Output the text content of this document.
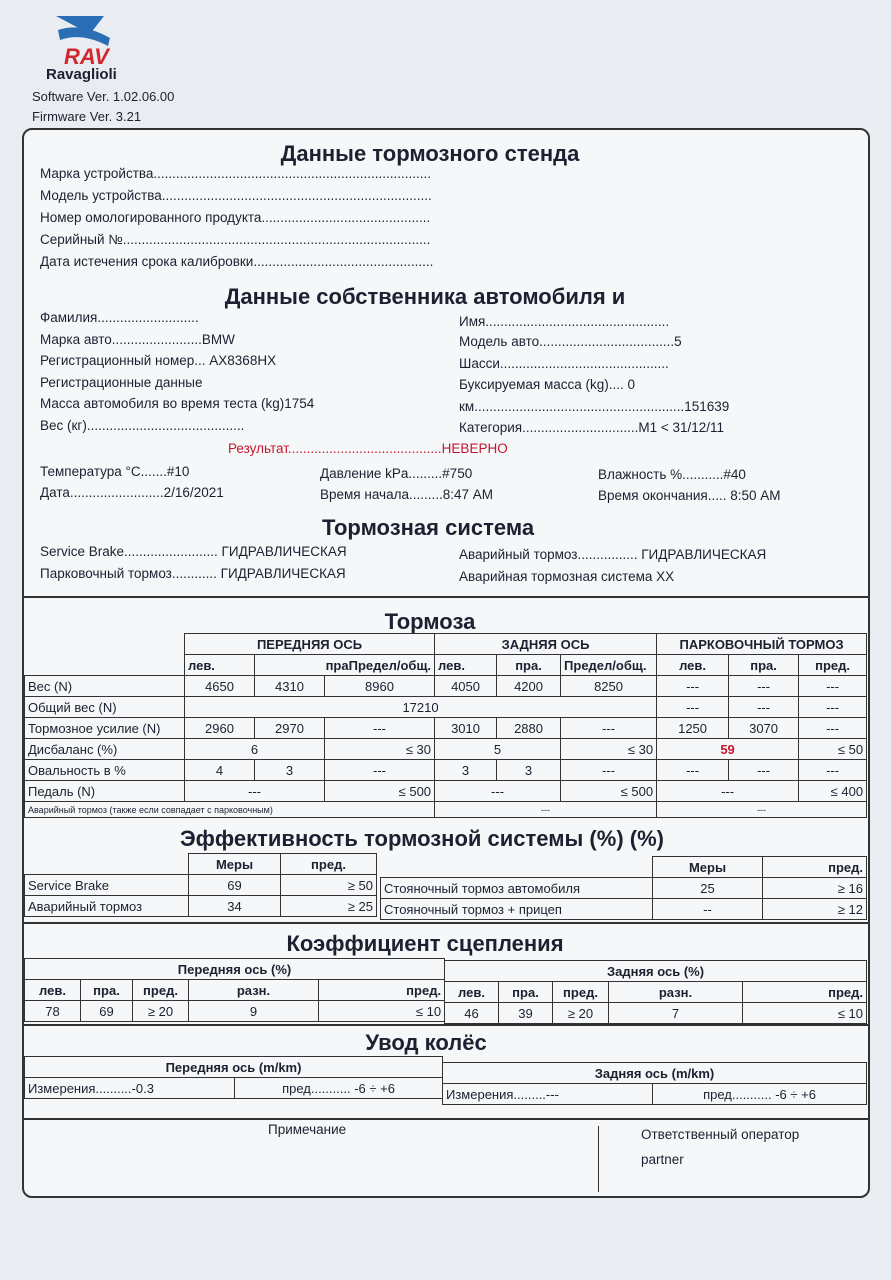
RAV
Ravaglioli
Software Ver. 1.02.06.00
Firmware Ver. 3.21
Данные тормозного стенда
Марка устройства..........................................................................
Модель устройства........................................................................
Номер омологированного продукта.............................................
Серийный №..................................................................................
Дата истечения срока калибровки................................................
Данные собственника автомобиля и
Фамилия...........................
Марка авто........................BMW
Регистрационный номер... AX8368HX
Регистрационные данные
Масса автомобиля во время теста (kg)1754
Вес (кг)..........................................
Имя.................................................
Модель авто....................................5
Шасси.............................................
Буксируемая масса (kg).... 0
км........................................................151639
Категория...............................M1 < 31/12/11
Результат.........................................НЕВЕРНО
Температура °С.......#10	Давление kPa.........#750	Влажность %...........#40
Дата.........................2/16/2021	Время начала.........8:47 AM	Время окончания..... 8:50 AM
Тормозная система
Service Brake......................... ГИДРАВЛИЧЕСКАЯ
Парковочный тормоз............ ГИДРАВЛИЧЕСКАЯ
Аварийный тормоз................ ГИДРАВЛИЧЕСКАЯ
Аварийная тормозная система XX
Тормоза
	ПЕРЕДНЯЯ ОСЬ			ЗАДНЯЯ ОСЬ			ПАРКОВОЧНЫЙ ТОРМОЗ		
	лев.	праПредел/общ.		лев.	пра.	Предел/общ.	лев.	пра.	пред.
Вес (N)	4650	4310	8960	4050	4200	8250	---	---	---
Общий вес (N)	17210						---	---	---
Тормозное усилие (N)	2960	2970	---	3010	2880	---	1250	3070	---
Дисбаланс (%)	6		≤ 30	5		≤ 30	59		≤ 50
Овальность в %	4	3	---	3	3	---	---	---	---
Педаль (N)	---		≤ 500	---		≤ 500	---		≤ 400
Аварийный тормоз (также если совпадает с парковочным)				---			---		
Эффективность тормозной системы (%) (%)
	Меры	пред.
Service Brake	69	≥ 50
Аварийный тормоз	34	≥ 25
	Меры	пред.
Стояночный тормоз автомобиля	25	≥ 16
Стояночный тормоз + прицеп	--	≥ 12
Коэффициент сцепления
Передняя ось (%)				
лев.	пра.	пред.	разн.	пред.
78	69	≥ 20	9	≤ 10
Задняя ось (%)				
лев.	пра.	пред.	разн.	пред.
46	39	≥ 20	7	≤ 10
Увод колёс
Передняя ось (m/km)
Измерения..........-0.3	пред........... -6 ÷ +6
Задняя ось (m/km)
Измерения.........---	пред........... -6 ÷ +6
Примечание	Ответственный оператор
partner
